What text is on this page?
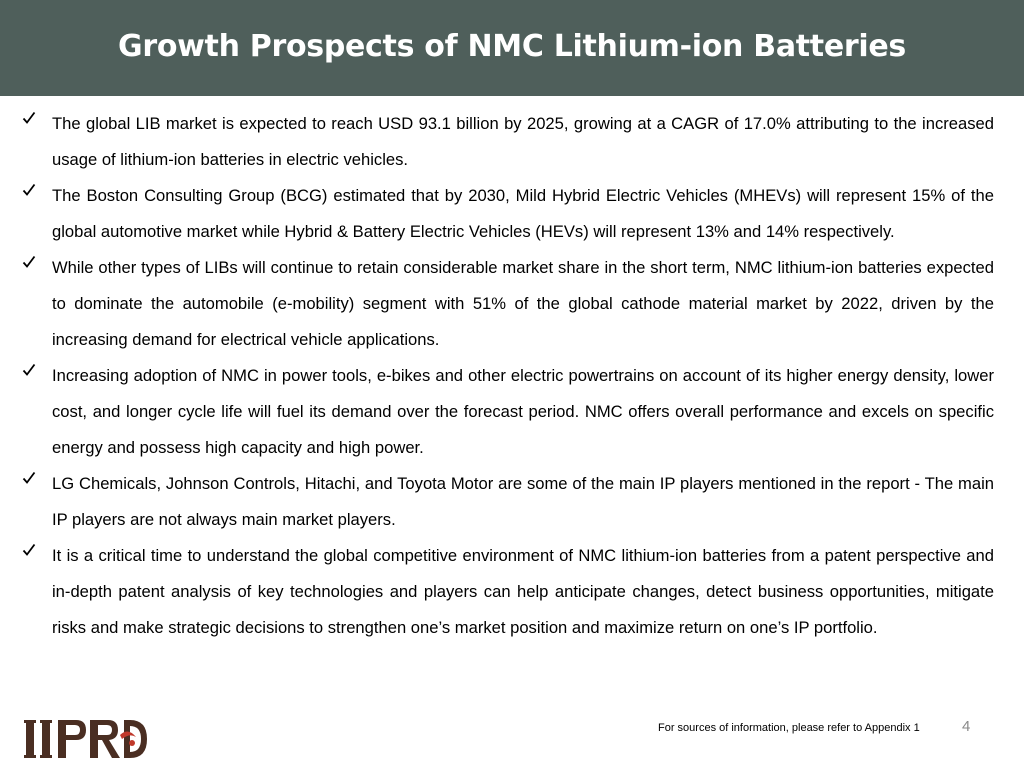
Growth Prospects of NMC Lithium-ion Batteries
The global LIB market is expected to reach USD 93.1 billion by 2025, growing at a CAGR of 17.0% attributing to the increased usage of lithium-ion batteries in electric vehicles.
The Boston Consulting Group (BCG) estimated that by 2030, Mild Hybrid Electric Vehicles (MHEVs) will represent 15% of the global automotive market while Hybrid & Battery Electric Vehicles (HEVs) will represent 13% and 14% respectively.
While other types of LIBs will continue to retain considerable market share in the short term, NMC lithium-ion batteries expected to dominate the automobile (e-mobility) segment with 51% of the global cathode material market by 2022, driven by the increasing demand for electrical vehicle applications.
Increasing adoption of NMC in power tools, e-bikes and other electric powertrains on account of its higher energy density, lower cost, and longer cycle life will fuel its demand over the forecast period. NMC offers overall performance and excels on specific energy and possess high capacity and high power.
LG Chemicals, Johnson Controls, Hitachi, and Toyota Motor are some of the main IP players mentioned in the report - The main IP players are not always main market players.
It is a critical time to understand the global competitive environment of NMC lithium-ion batteries from a patent perspective and in-depth patent analysis of key technologies and players can help anticipate changes, detect business opportunities, mitigate risks and make strategic decisions to strengthen one’s market position and maximize return on one’s IP portfolio.
For sources of information, please refer to Appendix 1	4
